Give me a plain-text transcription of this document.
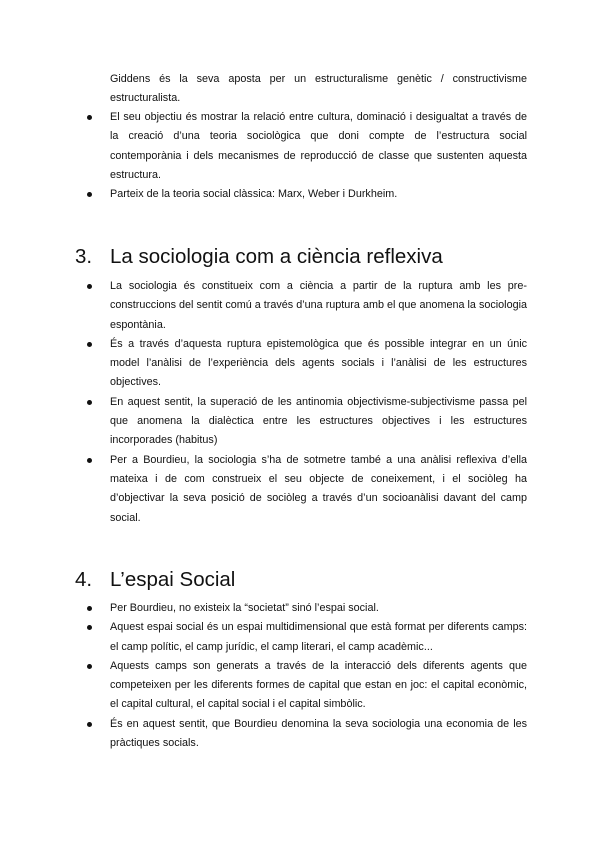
Giddens és la seva aposta per un estructuralisme genètic / constructivisme estructuralista.
El seu objectiu és mostrar la relació entre cultura, dominació i desigualtat a través de la creació d’una teoria sociològica que doni compte de l’estructura social contemporània i dels mecanismes de reproducció de classe que sustenten aquesta estructura.
Parteix de la teoria social clàssica: Marx, Weber i Durkheim.
3. La sociologia com a ciència reflexiva
La sociologia és constitueix com a ciència a partir de la ruptura amb les pre-construccions del sentit comú a través d’una ruptura amb el que anomena la sociologia espontània.
És a través d’aquesta ruptura epistemològica que és possible integrar en un únic model l’anàlisi de l’experiència dels agents socials i l’anàlisi de les estructures objectives.
En aquest sentit, la superació de les antinomia objectivisme-subjectivisme passa pel que anomena la dialèctica entre les estructures objectives i les estructures incorporades (habitus)
Per a Bourdieu, la sociologia s’ha de sotmetre també a una anàlisi reflexiva d’ella mateixa i de com construeix el seu objecte de coneixement, i el sociòleg ha d’objectivar la seva posició de sociòleg a través d’un socioanàlisi davant del camp social.
4. L’espai Social
Per Bourdieu, no existeix la “societat” sinó l’espai social.
Aquest espai social és un espai multidimensional que està format per diferents camps: el camp polític, el camp jurídic, el camp literari, el camp acadèmic...
Aquests camps son generats a través de la interacció dels diferents agents que competeixen per les diferents formes de capital que estan en joc: el capital econòmic, el capital cultural, el capital social i el capital simbòlic.
És en aquest sentit, que Bourdieu denomina la seva sociologia una economia de les pràctiques socials.
